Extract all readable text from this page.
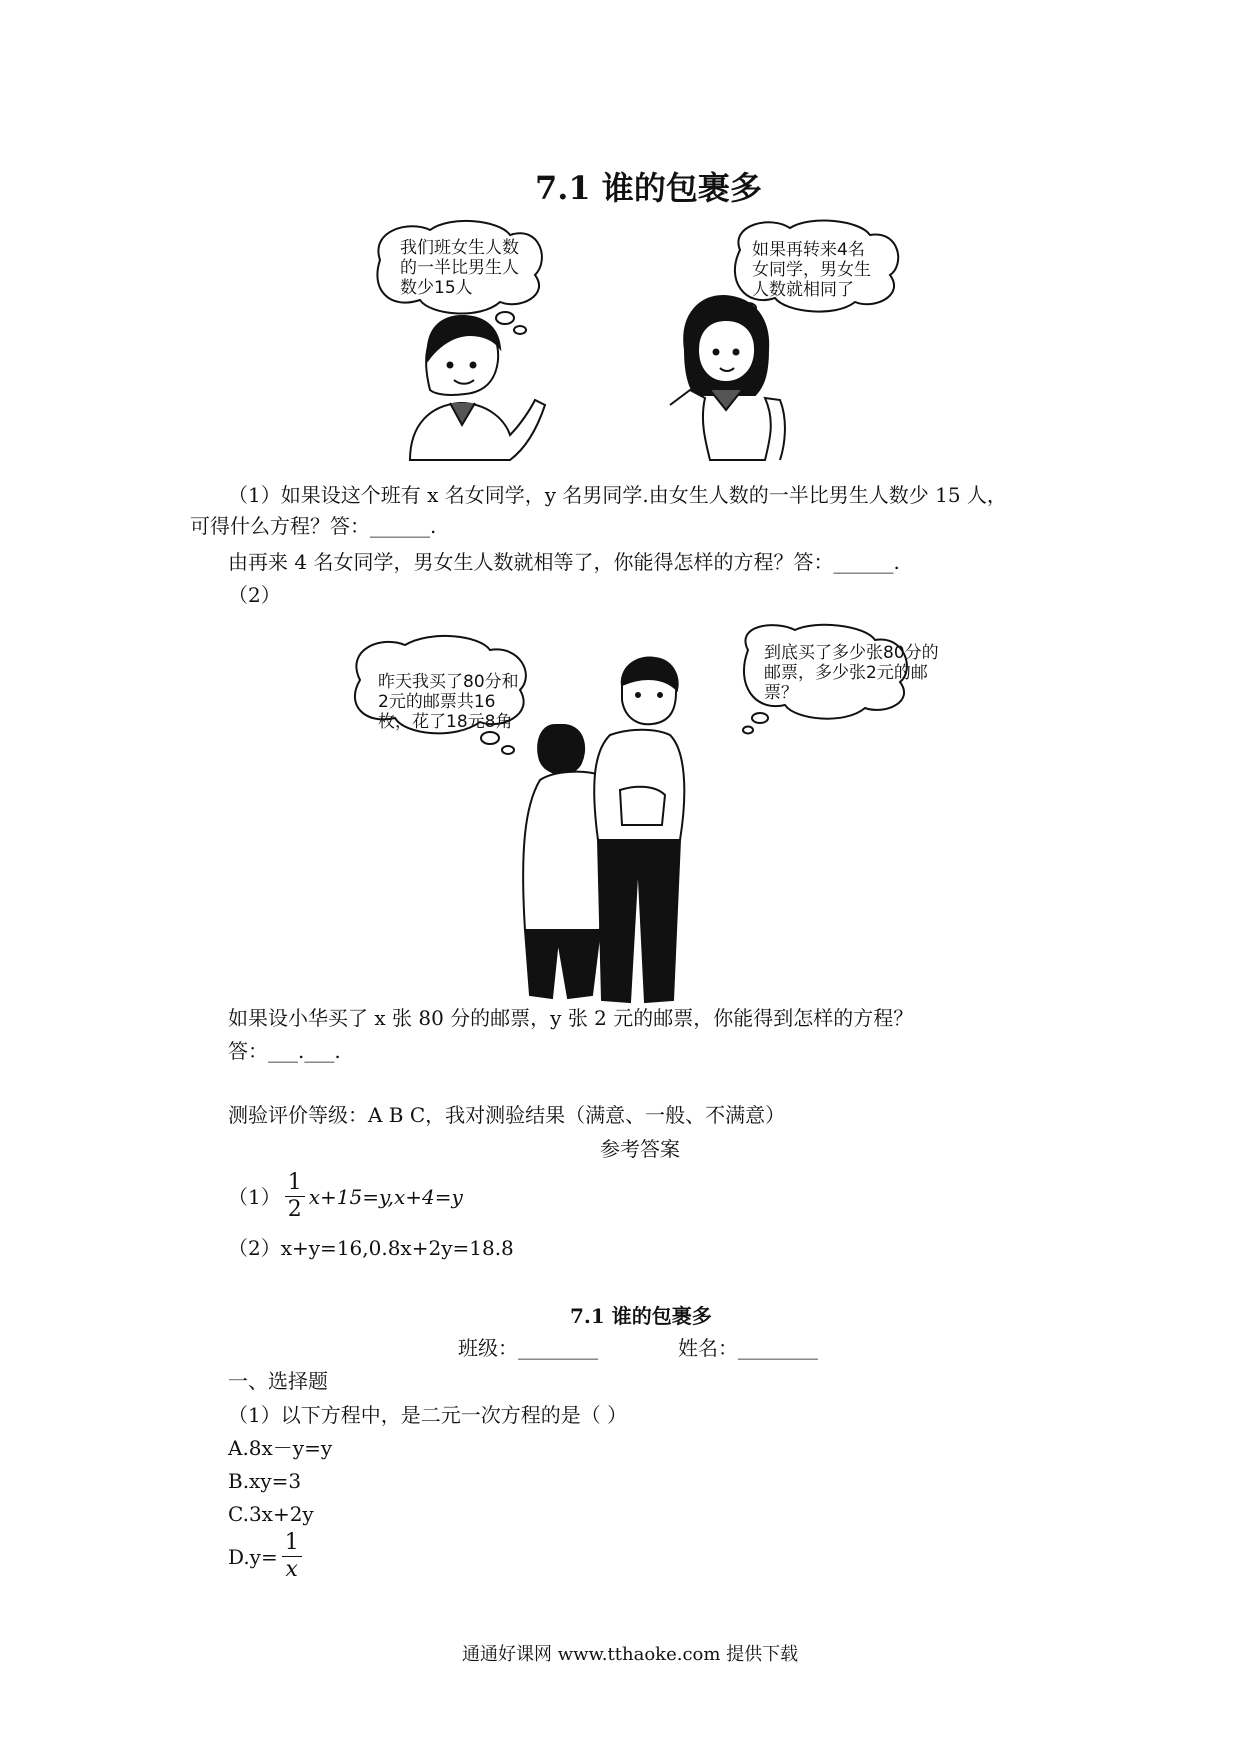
7.1 谁的包裹多
我们班女生人数的一半比男生人数少15人
如果再转来4名女同学，男女生人数就相同了
（1）如果设这个班有 x 名女同学，y 名男同学.由女生人数的一半比男生人数少 15 人，
可得什么方程？答：______.
由再来 4 名女同学，男女生人数就相等了，你能得怎样的方程？答：______.
（2）
昨天我买了80分和2元的邮票共16枚，花了18元8角
到底买了多少张80分的邮票，多少张2元的邮票？
如果设小华买了 x 张 80 分的邮票，y 张 2 元的邮票，你能得到怎样的方程？
答：___.___.
测验评价等级：A B C，我对测验结果（满意、一般、不满意）
参考答案
$(1) \frac{1}{2} x+15=y,x+4=y$
（2）x+y=16,0.8x+2y=18.8
7.1 谁的包裹多
班级：________	姓名：________
一、选择题
（1）以下方程中，是二元一次方程的是（ ）
A.8x－y=y
B.xy=3
C.3x+2y
$D.y= \frac{1}{x}$
通通好课网 www.tthaoke.com 提供下载
